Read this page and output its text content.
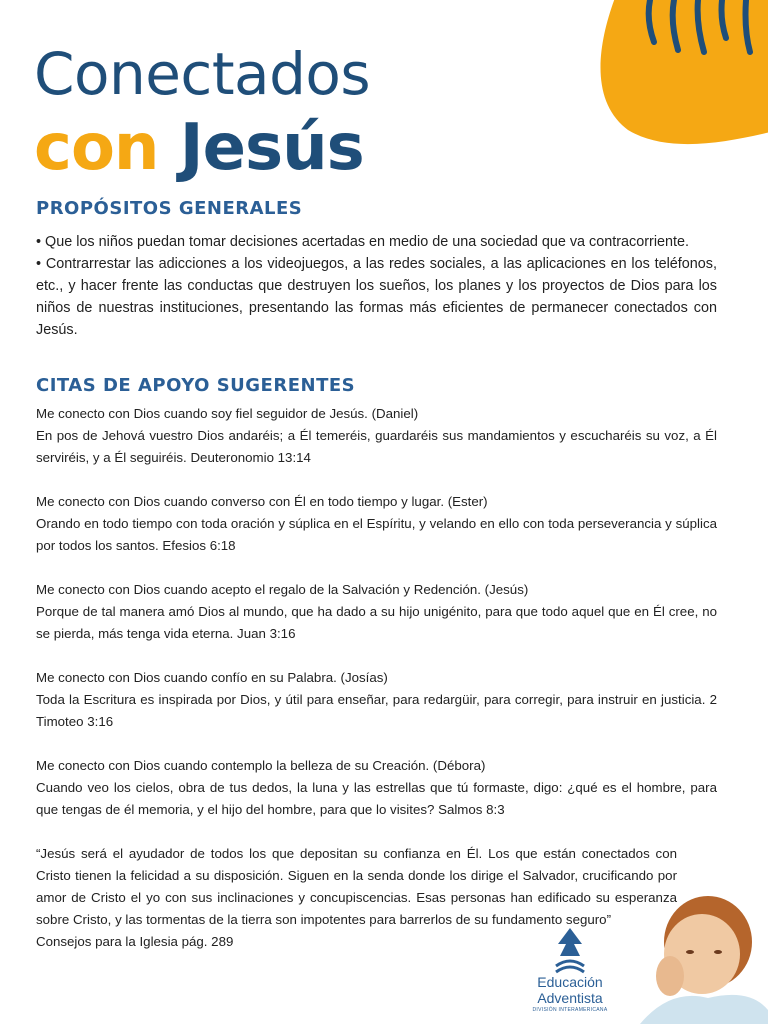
Conectados
con Jesús
PROPÓSITOS GENERALES
• Que los niños puedan tomar decisiones acertadas en medio de una sociedad que va contracorriente.
• Contrarrestar las adicciones a los videojuegos, a las redes sociales, a las aplicaciones en los teléfonos, etc., y hacer frente las conductas que destruyen los sueños, los planes y los proyectos de Dios para los niños de nuestras instituciones, presentando las formas más eficientes de permanecer conectados con Jesús.
CITAS DE APOYO SUGERENTES

Me conecto con Dios cuando soy fiel seguidor de Jesús. (Daniel)

En pos de Jehová vuestro Dios andaréis; a Él temeréis, guardaréis sus mandamientos y escucharéis su voz, a Él serviréis, y a Él seguiréis. Deuteronomio 13:14

Me conecto con Dios cuando converso con Él en todo tiempo y lugar. (Ester)

Orando en todo tiempo con toda oración y súplica en el Espíritu, y velando en ello con toda perseverancia y súplica por todos los santos. Efesios 6:18

Me conecto con Dios cuando acepto el regalo de la Salvación y Redención. (Jesús)

Porque de tal manera amó Dios al mundo, que ha dado a su hijo unigénito, para que todo aquel que en Él cree, no se pierda, más tenga vida eterna. Juan 3:16

Me conecto con Dios cuando confío en su Palabra. (Josías)

Toda la Escritura es inspirada por Dios, y útil para enseñar, para redargüir, para corregir, para instruir en justicia. 2 Timoteo 3:16

Me conecto con Dios cuando contemplo la belleza de su Creación. (Débora)

Cuando veo los cielos, obra de tus dedos, la luna y las estrellas que tú formaste, digo: ¿qué es el hombre, para que tengas de él memoria, y el hijo del hombre, para que lo visites? Salmos 8:3

“Jesús será el ayudador de todos los que depositan su confianza en Él. Los que están conectados con Cristo tienen la felicidad a su disposición. Siguen en la senda donde los dirige el Salvador, crucificando por amor de Cristo el yo con sus inclinaciones y concupiscencias. Esas personas han edificado su esperanza sobre Cristo, y las tormentas de la tierra son impotentes para barrerlos de su fundamento seguro”

Consejos para la Iglesia pág. 289

Educación
Adventista
DIVISIÓN INTERAMERICANA
